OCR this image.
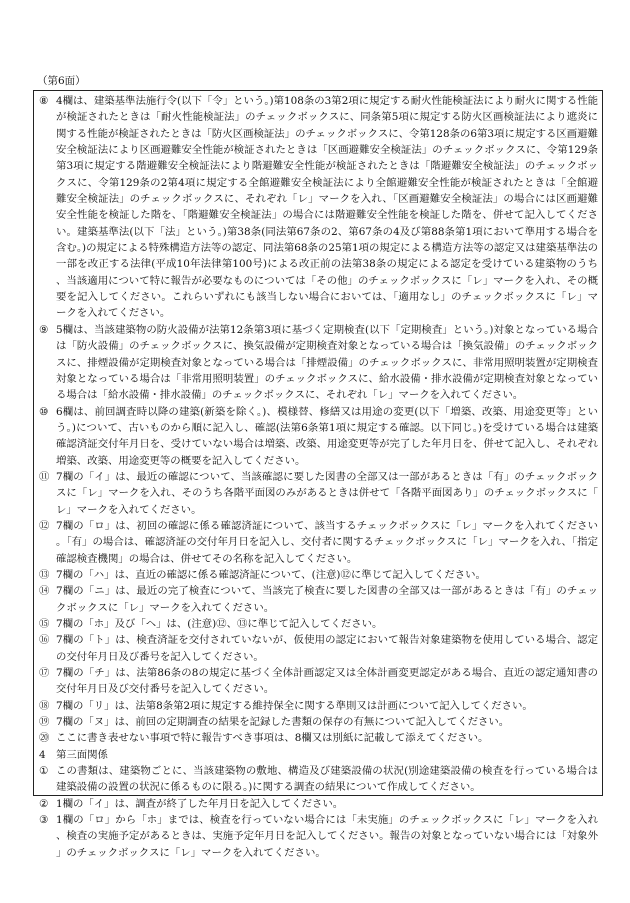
（第6面）
⑧ 4欄は、建築基準法施行令(以下「令」という。)第108条の3第2項に規定する耐火性能検証法により耐火に関する性能が検証されたときは「耐火性能検証法」のチェックボックスに、同条第5項に規定する防火区画検証法により遮炎に関する性能が検証されたときは「防火区画検証法」のチェックボックスに、令第128条の6第3項に規定する区画避難安全検証法により区画避難安全性能が検証されたときは「区画避難安全検証法」のチェックボックスに、令第129条第3項に規定する階避難安全検証法により階避難安全性能が検証されたときは「階避難安全検証法」のチェックボックスに、令第129条の2第4項に規定する全館避難安全検証法により全館避難安全性能が検証されたときは「全館避難安全検証法」のチェックボックスに、それぞれ「レ」マークを入れ、「区画避難安全検証法」の場合には区画避難安全性能を検証した階を、「階避難安全検証法」の場合には階避難安全性能を検証した階を、併せて記入してください。建築基準法(以下「法」という。)第38条(同法第67条の2、第67条の4及び第88条第1項において準用する場合を含む。)の規定による特殊構造方法等の認定、同法第68条の25第1項の規定による構造方法等の認定又は建築基準法の一部を改正する法律(平成10年法律第100号)による改正前の法第38条の規定による認定を受けている建築物のうち、当該適用について特に報告が必要なものについては「その他」のチェックボックスに「レ」マークを入れ、その概要を記入してください。これらいずれにも該当しない場合においては、「適用なし」のチェックボックスに「レ」マークを入れてください。
⑨ 5欄は、当該建築物の防火設備が法第12条第3項に基づく定期検査(以下「定期検査」という。)対象となっている場合は「防火設備」のチェックボックスに、換気設備が定期検査対象となっている場合は「換気設備」のチェックボックスに、排煙設備が定期検査対象となっている場合は「排煙設備」のチェックボックスに、非常用照明装置が定期検査対象となっている場合は「非常用照明装置」のチェックボックスに、給水設備・排水設備が定期検査対象となっている場合は「給水設備・排水設備」のチェックボックスに、それぞれ「レ」マークを入れてください。
⑩ 6欄は、前回調査時以降の建築(新築を除く。)、模様替、修繕又は用途の変更(以下「増築、改築、用途変更等」という。)について、古いものから順に記入し、確認(法第6条第1項に規定する確認。以下同じ。)を受けている場合は建築確認済証交付年月日を、受けていない場合は増築、改築、用途変更等が完了した年月日を、併せて記入し、それぞれ増築、改築、用途変更等の概要を記入してください。
⑪ 7欄の「イ」は、最近の確認について、当該確認に要した図書の全部又は一部があるときは「有」のチェックボックスに「レ」マークを入れ、そのうち各階平面図のみがあるときは併せて「各階平面図あり」のチェックボックスに「レ」マークを入れてください。
⑫ 7欄の「ロ」は、初回の確認に係る確認済証について、該当するチェックボックスに「レ」マークを入れてください。「有」の場合は、確認済証の交付年月日を記入し、交付者に関するチェックボックスに「レ」マークを入れ、「指定確認検査機関」の場合は、併せてその名称を記入してください。
⑬ 7欄の「ハ」は、直近の確認に係る確認済証について、(注意)⑫に準じて記入してください。
⑭ 7欄の「ニ」は、最近の完了検査について、当該完了検査に要した図書の全部又は一部があるときは「有」のチェックボックスに「レ」マークを入れてください。
⑮ 7欄の「ホ」及び「ヘ」は、(注意)⑫、⑬に準じて記入してください。
⑯ 7欄の「ト」は、検査済証を交付されていないが、仮使用の認定において報告対象建築物を使用している場合、認定の交付年月日及び番号を記入してください。
⑰ 7欄の「チ」は、法第86条の8の規定に基づく全体計画認定又は全体計画変更認定がある場合、直近の認定通知書の交付年月日及び交付番号を記入してください。
⑱ 7欄の「リ」は、法第8条第2項に規定する維持保全に関する準則又は計画について記入してください。
⑲ 7欄の「ヌ」は、前回の定期調査の結果を記録した書類の保存の有無について記入してください。
⑳ ここに書き表せない事項で特に報告すべき事項は、8欄又は別紙に記載して添えてください。
4 第三面関係
① この書類は、建築物ごとに、当該建築物の敷地、構造及び建築設備の状況(別途建築設備の検査を行っている場合は建築設備の設置の状況に係るものに限る。)に関する調査の結果について作成してください。
② 1欄の「イ」は、調査が終了した年月日を記入してください。
③ 1欄の「ロ」から「ホ」までは、検査を行っていない場合には「未実施」のチェックボックスに「レ」マークを入れ、検査の実施予定があるときは、実施予定年月日を記入してください。報告の対象となっていない場合には「対象外」のチェックボックスに「レ」マークを入れてください。
